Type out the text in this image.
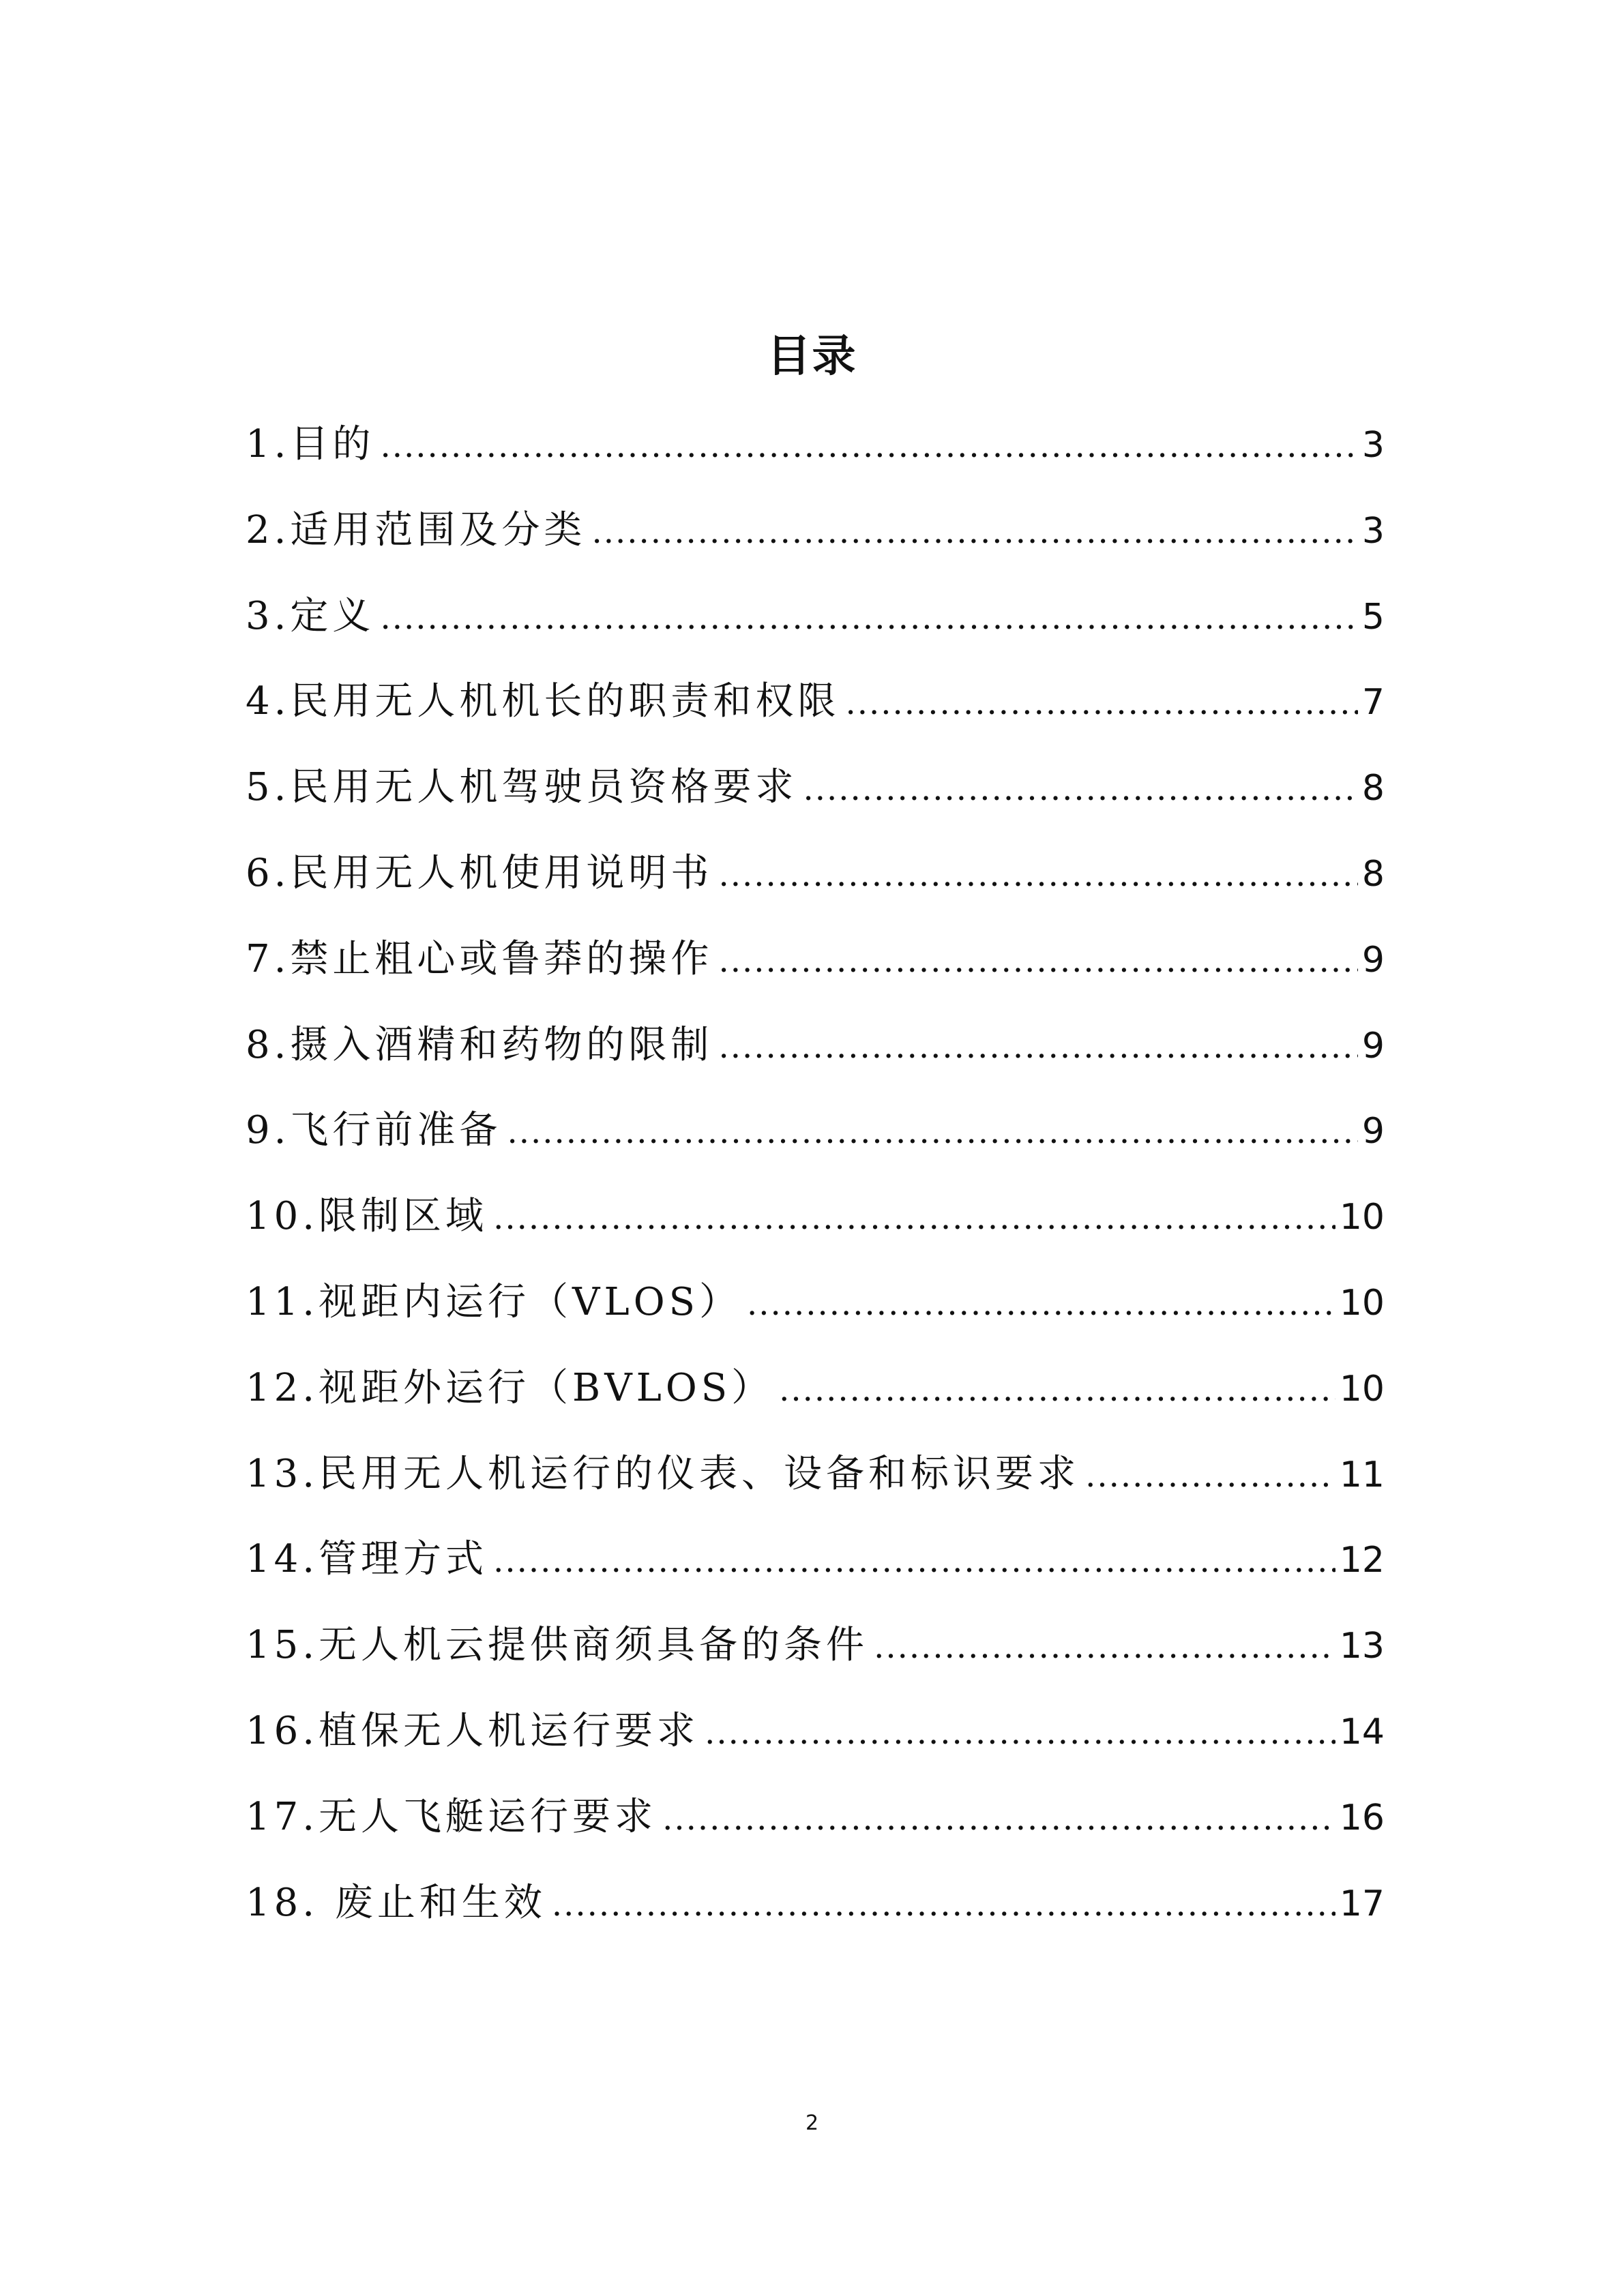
目录
1.目的 .....	3
2.适用范围及分类 .....	3
3.定义 .....	5
4.民用无人机机长的职责和权限 .....	7
5.民用无人机驾驶员资格要求 .....	8
6.民用无人机使用说明书 .....	8
7.禁止粗心或鲁莽的操作 .....	9
8.摄入酒精和药物的限制 .....	9
9.飞行前准备 .....	9
10.限制区域 .....	10
11.视距内运行（VLOS） .....	10
12.视距外运行（BVLOS） .....	10
13.民用无人机运行的仪表、设备和标识要求 .....	11
14.管理方式 .....	12
15.无人机云提供商须具备的条件 .....	13
16.植保无人机运行要求 .....	14
17.无人飞艇运行要求 .....	16
18. 废止和生效 .....	17
2
